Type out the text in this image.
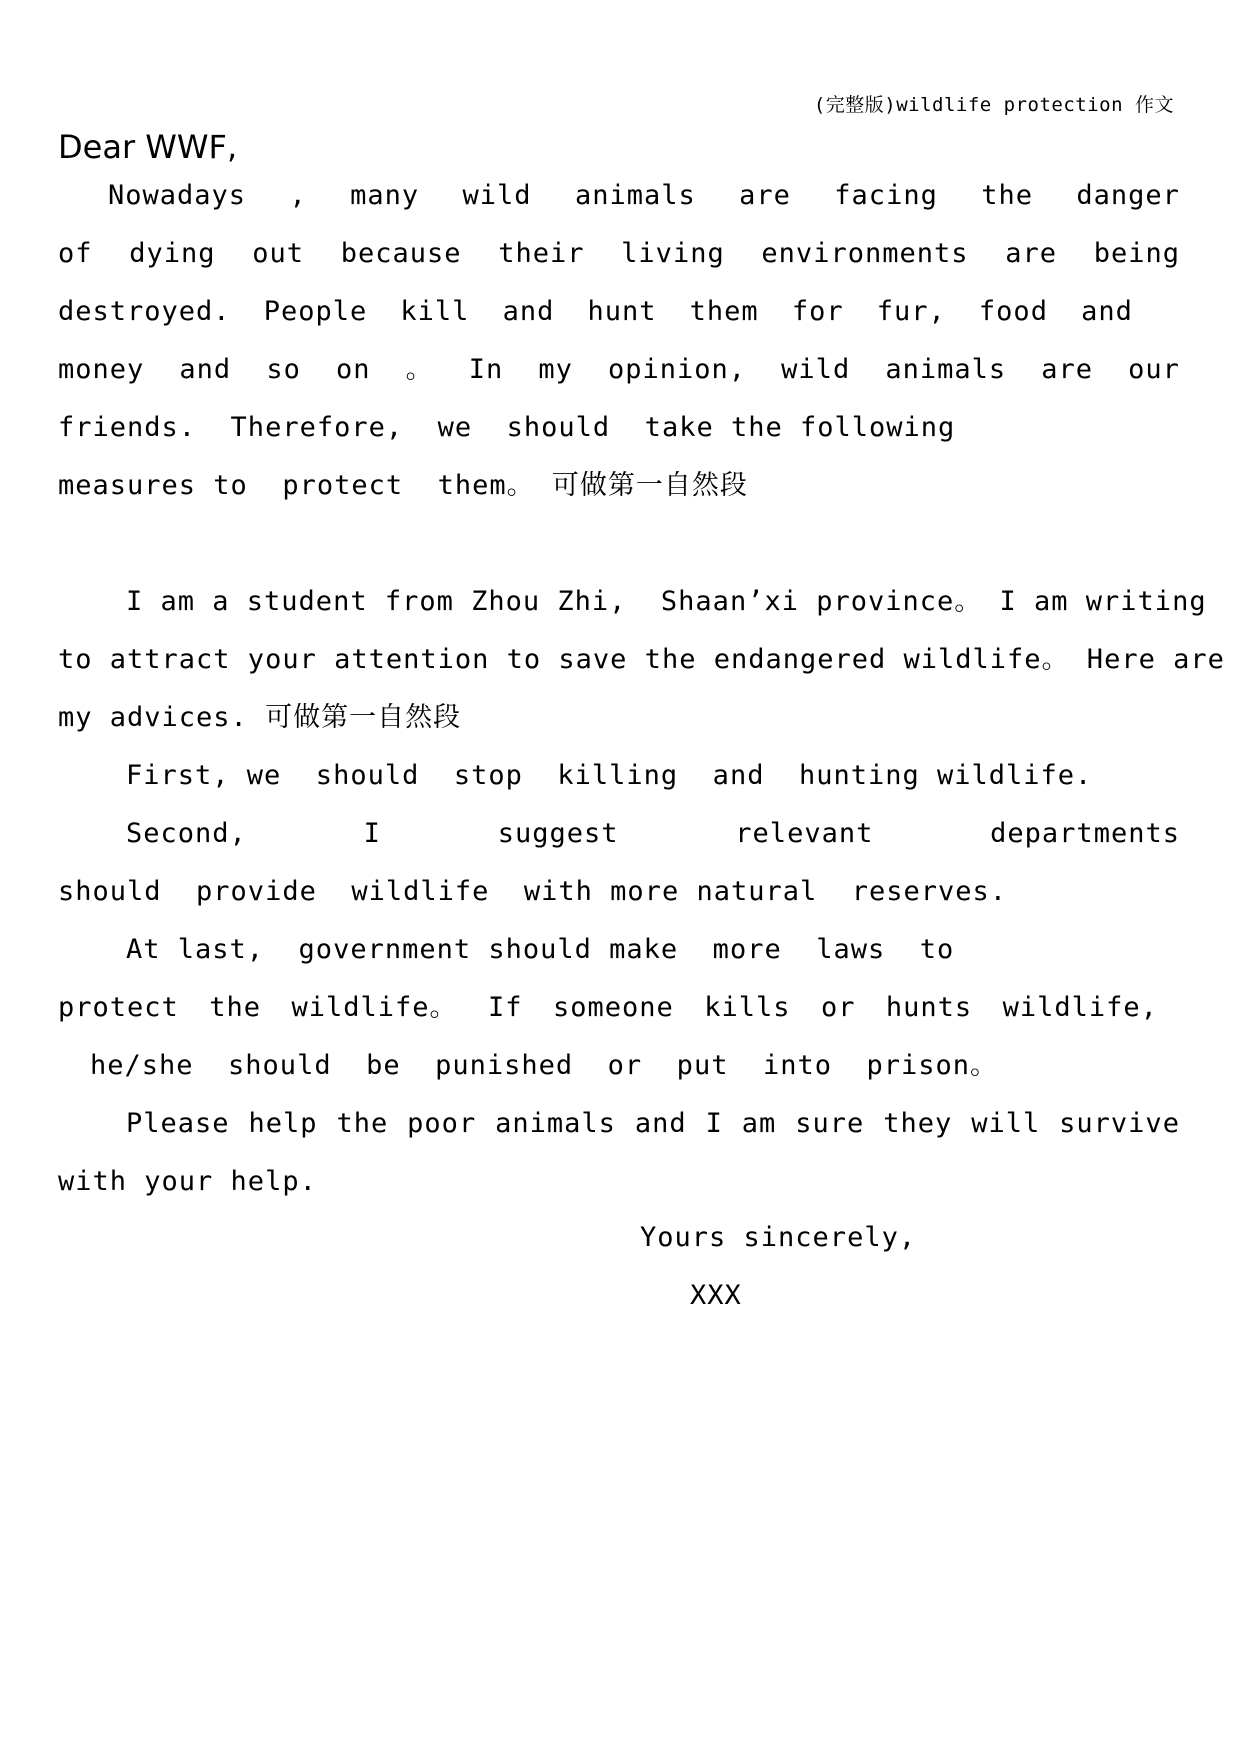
(完整版)wildlife protection 作文
Dear WWF,
Nowadays , many wild animals are facing the danger
of dying out because their living environments are being
destroyed. People kill and hunt them for fur, food and
money and so on 。 In my opinion, wild animals are our
friends.  Therefore,  we  should  take the following
measures to  protect  them。 可做第一自然段
I am a student from Zhou Zhi,  Shaan’xi province。 I am writing
to attract your attention to save the endangered wildlife。 Here are
my advices. 可做第一自然段
First, we  should  stop  killing  and  hunting wildlife.
Second,	I	suggest	relevant	departments
should  provide  wildlife  with more natural  reserves.
At last,  government should make  more  laws  to
protect the wildlife。 If someone kills or hunts wildlife,
he/she  should  be  punished  or  put  into  prison。
Please help the poor animals and I am sure they will survive
with your help.
Yours sincerely,
XXX
